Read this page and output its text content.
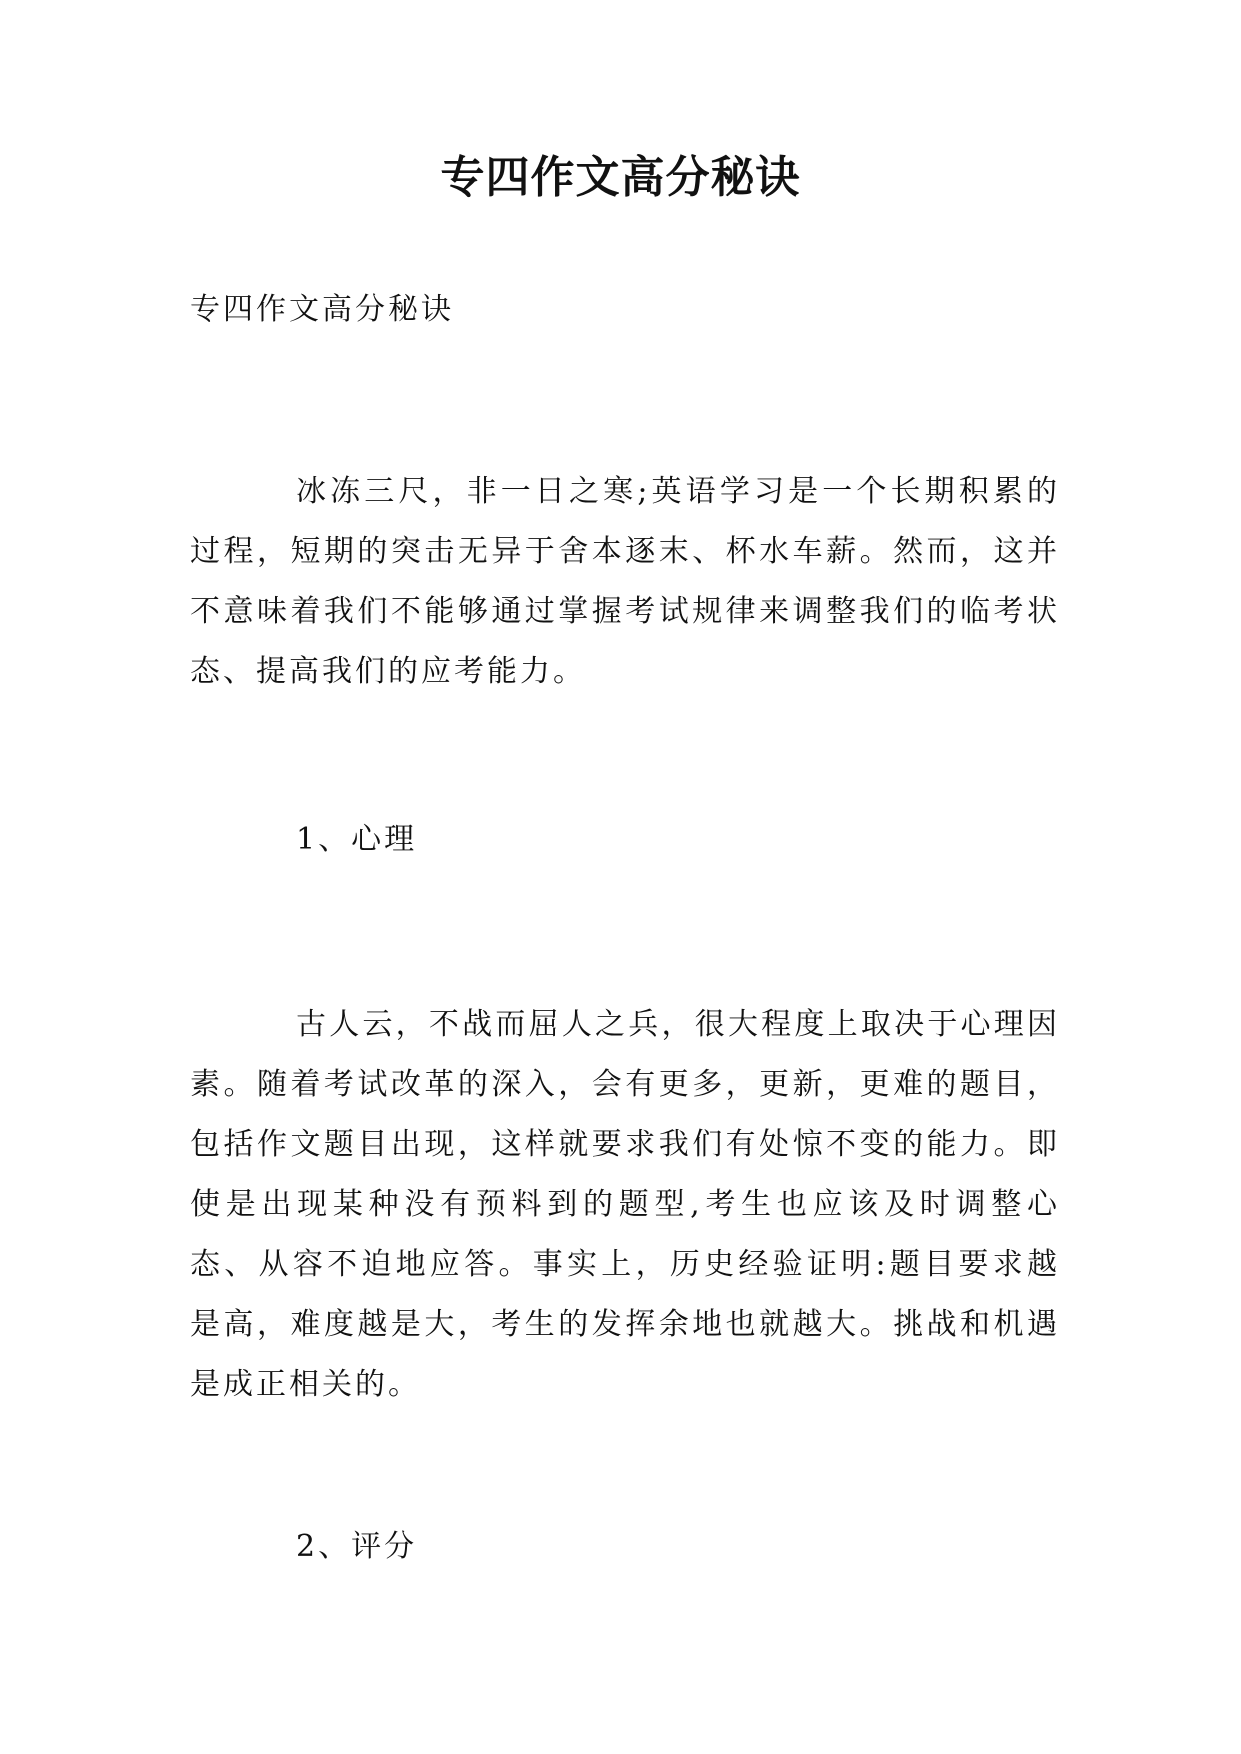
专四作文高分秘诀

专四作文高分秘诀

冰冻三尺，非一日之寒;英语学习是一个长期积累的过程，短期的突击无异于舍本逐末、杯水车薪。然而，这并不意味着我们不能够通过掌握考试规律来调整我们的临考状态、提高我们的应考能力。

1、心理

古人云，不战而屈人之兵，很大程度上取决于心理因素。随着考试改革的深入，会有更多，更新，更难的题目，包括作文题目出现，这样就要求我们有处惊不变的能力。即使是出现某种没有预料到的题型,考生也应该及时调整心态、从容不迫地应答。事实上，历史经验证明:题目要求越是高，难度越是大，考生的发挥余地也就越大。挑战和机遇是成正相关的。

2、评分
